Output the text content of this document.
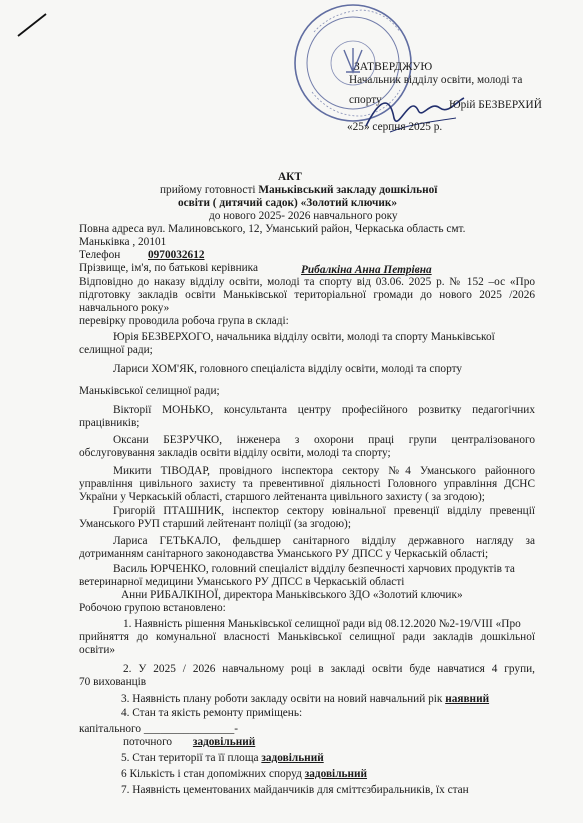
ЗАТВЕРДЖУЮ
Начальник відділу освіти, молоді та
спорту	Юрій БЕЗВЕРХИЙ
«25» серпня 2025 р.
АКТ
прийому готовності Маньківський закладу дошкільної
освіти ( дитячий садок) «Золотий ключик»
до нового 2025- 2026 навчального року
Повна адреса вул. Малиновського, 12, Уманський район, Черкаська область смт.
Маньківка , 20101
Телефон 0970032612
Прізвище, ім'я, по батькові керівника	Рибалкіна Анна Петрівна
Відповідно до наказу відділу освіти, молоді та спорту від 03.06. 2025 р. № 152 –ос «Про
підготовку закладів освіти Маньківської територіальної громади до нового 2025 /2026
навчального року»
перевірку проводила робоча група в складі:
Юрія БЕЗВЕРХОГО, начальника відділу освіти, молоді та спорту Маньківської
селищної ради;
Лариси ХОМ'ЯК, головного спеціаліста відділу освіти, молоді та спорту
Маньківської селищної ради;
Вікторії МОНЬКО, консультанта центру професійного розвитку педагогічних
працівників;
Оксани БЕЗРУЧКО, інженера з охорони праці групи централізованого
обслуговування закладів освіти відділу освіти, молоді та спорту;
Микити ТІВОДАР, провідного інспектора сектору №4 Уманського районного
управління цивільного захисту та превентивної діяльності Головного управління ДСНС
України у Черкаській області, старшого лейтенанта цивільного захисту ( за згодою);
Григорій ПТАШНИК, інспектор сектору ювінальної превенції відділу превенції
Уманського РУП старший лейтенант поліції (за згодою);
Лариса ГЕТЬКАЛО, фельдшер санітарного відділу державного нагляду за
дотриманням санітарного законодавства Уманського РУ ДПСС у Черкаській області;
Василь ЮРЧЕНКО, головний спеціаліст відділу безпечності харчових продуктів та
ветеринарної медицини Уманського РУ ДПСС в Черкаській області
Анни РИБАЛКІНОЇ, директора Маньківського ЗДО «Золотий ключик»
Робочою групою встановлено:
1. Наявність рішення Маньківської селищної ради від 08.12.2020 №2-19/VIII «Про
прийняття до комунальної власності Маньківської селищної ради закладів дошкільної
освіти»
2. У 2025 / 2026 навчальному році в закладі освіти буде навчатися 4 групи,
70 вихованців
3. Наявність плану роботи закладу освіти на новий навчальний рік наявний
4. Стан та якість ремонту приміщень:
капітального ________________-
поточного задовільний
5. Стан території та її площа задовільний
6 Кількість і стан допоміжних споруд задовільний
7. Наявність цементованих майданчиків для сміттєзбиральників, їх стан
